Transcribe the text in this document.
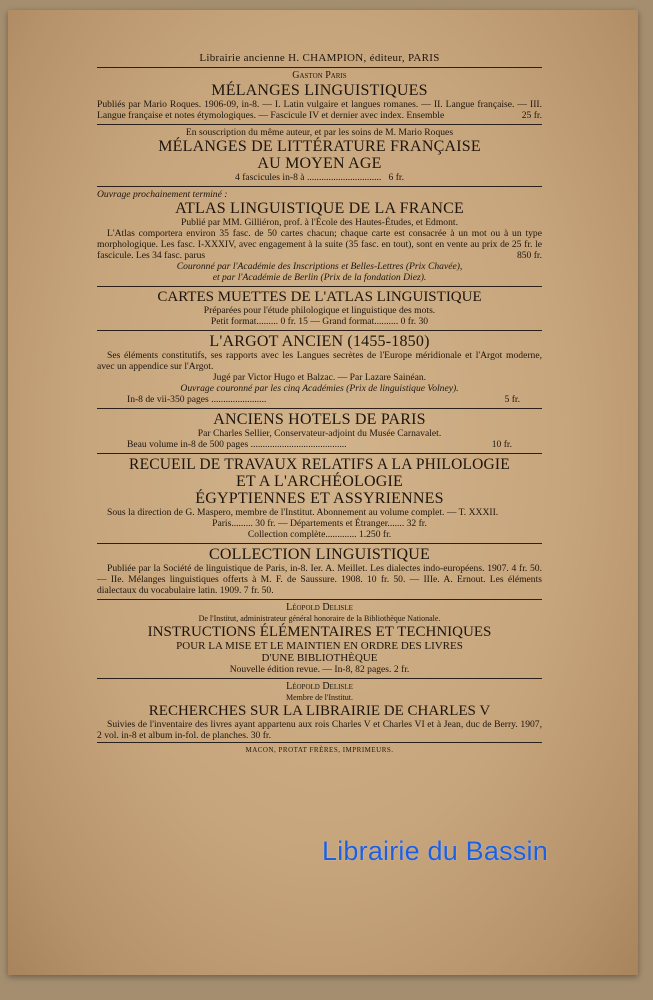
Librairie ancienne H. CHAMPION, éditeur, PARIS
Gaston Paris
MÉLANGES LINGUISTIQUES
Publiés par Mario Roques. 1906-09, in-8. — I. Latin vulgaire et langues romanes. — II. Langue française. — III. Langue française et notes étymologiques. — Fascicule IV et dernier avec index. Ensemble	25 fr.
En souscription du même auteur, et par les soins de M. Mario Roques
MÉLANGES DE LITTÉRATURE FRANÇAISE
AU MOYEN AGE
4 fascicules in-8 à ............................... 6 fr.
Ouvrage prochainement terminé :
ATLAS LINGUISTIQUE DE LA FRANCE
Publié par MM. Gilliéron, prof. à l'École des Hautes-Études, et Edmont.
L'Atlas comportera environ 35 fasc. de 50 cartes chacun; chaque carte est consacrée à un mot ou à un type morphologique. Les fasc. I-XXXIV, avec engagement à la suite (35 fasc. en tout), sont en vente au prix de 25 fr. le fascicule. Les 34 fasc. parus	850 fr.
Couronné par l'Académie des Inscriptions et Belles-Lettres (Prix Chavée),
et par l'Académie de Berlin (Prix de la fondation Diez).
CARTES MUETTES DE L'ATLAS LINGUISTIQUE
Préparées pour l'étude philologique et linguistique des mots.
Petit format......... 0 fr. 15 — Grand format.......... 0 fr. 30
L'ARGOT ANCIEN (1455-1850)
Ses éléments constitutifs, ses rapports avec les Langues secrètes de l'Europe méridionale et l'Argot moderne, avec un appendice sur l'Argot.
Jugé par Victor Hugo et Balzac. — Par Lazare Sainéan.
Ouvrage couronné par les cinq Académies (Prix de linguistique Volney).
In-8 de vii-350 pages .......................	5 fr.
ANCIENS HOTELS DE PARIS
Par Charles Sellier, Conservateur-adjoint du Musée Carnavalet.
Beau volume in-8 de 500 pages ........................................	10 fr.
RECUEIL DE TRAVAUX RELATIFS A LA PHILOLOGIE
ET A L'ARCHÉOLOGIE
ÉGYPTIENNES ET ASSYRIENNES
Sous la direction de G. Maspero, membre de l'Institut. Abonnement au volume complet. — T. XXXII.
Paris......... 30 fr. — Départements et Étranger....... 32 fr.
Collection complète............. 1.250 fr.
COLLECTION LINGUISTIQUE
Publiée par la Société de linguistique de Paris, in-8. Ier. A. Meillet. Les dialectes indo-européens. 1907. 4 fr. 50. — IIe. Mélanges linguistiques offerts à M. F. de Saussure. 1908. 10 fr. 50. — IIIe. A. Ernout. Les éléments dialectaux du vocabulaire latin. 1909. 7 fr. 50.
Léopold Delisle
De l'Institut, administrateur général honoraire de la Bibliothèque Nationale.
INSTRUCTIONS ÉLÉMENTAIRES ET TECHNIQUES
POUR LA MISE ET LE MAINTIEN EN ORDRE DES LIVRES
D'UNE BIBLIOTHÈQUE
Nouvelle édition revue. — In-8, 82 pages. 2 fr.
Léopold Delisle
Membre de l'Institut.
RECHERCHES SUR LA LIBRAIRIE DE CHARLES V
Suivies de l'inventaire des livres ayant appartenu aux rois Charles V et Charles VI et à Jean, duc de Berry. 1907, 2 vol. in-8 et album in-fol. de planches. 30 fr.
MACON, PROTAT FRÈRES, IMPRIMEURS.
Librairie du Bassin
